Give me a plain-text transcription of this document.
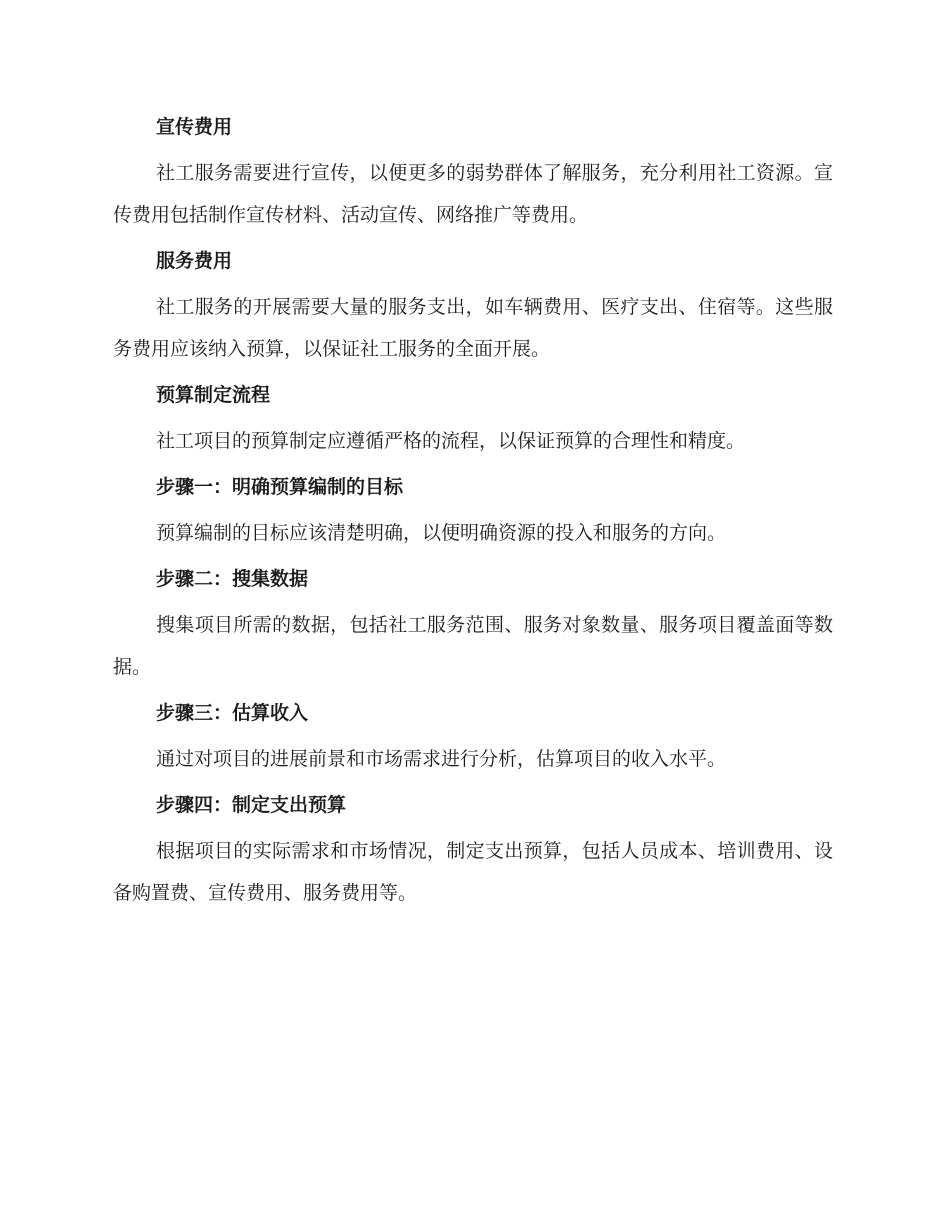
宣传费用

社工服务需要进行宣传，以便更多的弱势群体了解服务，充分利用社工资源。宣传费用包括制作宣传材料、活动宣传、网络推广等费用。

服务费用

社工服务的开展需要大量的服务支出，如车辆费用、医疗支出、住宿等。这些服务费用应该纳入预算，以保证社工服务的全面开展。

预算制定流程

社工项目的预算制定应遵循严格的流程，以保证预算的合理性和精度。

步骤一：明确预算编制的目标

预算编制的目标应该清楚明确，以便明确资源的投入和服务的方向。

步骤二：搜集数据

搜集项目所需的数据，包括社工服务范围、服务对象数量、服务项目覆盖面等数据。

步骤三：估算收入

通过对项目的进展前景和市场需求进行分析，估算项目的收入水平。

步骤四：制定支出预算

根据项目的实际需求和市场情况，制定支出预算，包括人员成本、培训费用、设备购置费、宣传费用、服务费用等。
